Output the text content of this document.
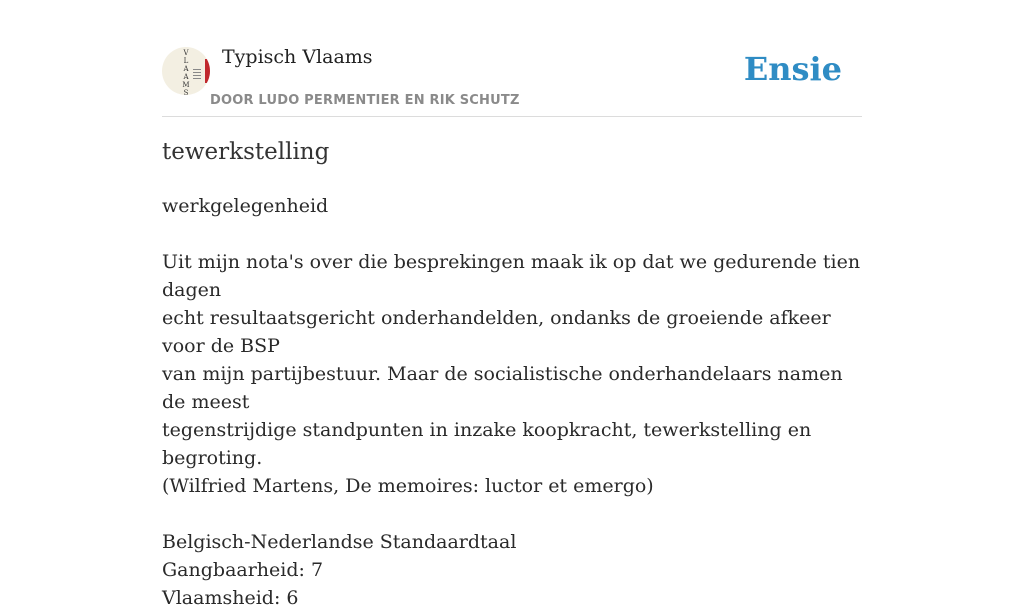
V
L
A
A
M
S
Typisch Vlaams
DOOR LUDO PERMENTIER EN RIK SCHUTZ
Ensie
tewerkstelling

werkgelegenheid

Uit mijn nota's over die besprekingen maak ik op dat we gedurende tien dagen

echt resultaatsgericht onderhandelden, ondanks de groeiende afkeer voor de BSP

van mijn partijbestuur. Maar de socialistische onderhandelaars namen de meest

tegenstrijdige standpunten in inzake koopkracht, tewerkstelling en begroting.

(Wilfried Martens, De memoires: luctor et emergo)

Belgisch-Nederlandse Standaardtaal

Gangbaarheid: 7

Vlaamsheid: 6
